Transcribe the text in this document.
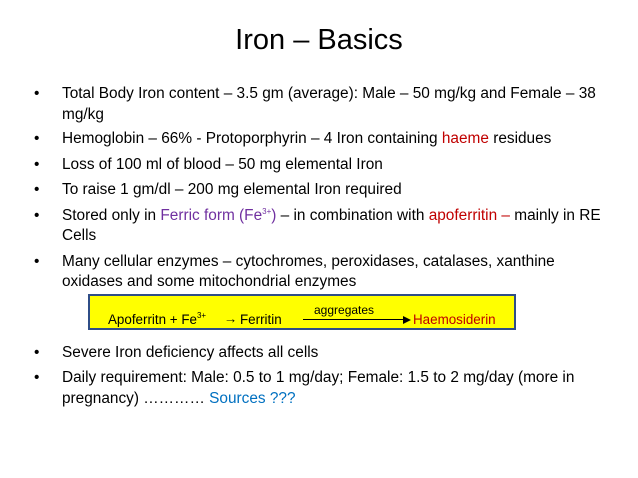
Iron – Basics
• Total Body Iron content – 3.5 gm (average): Male – 50 mg/kg and Female – 38 mg/kg
• Hemoglobin – 66% - Protoporphyrin – 4 Iron containing haeme residues
• Loss of 100 ml of blood – 50 mg elemental Iron
• To raise 1 gm/dl – 200 mg elemental Iron required
• Stored only in Ferric form $(Fe^{3+})$ – in combination with apoferritin – mainly in RE Cells
• Many cellular enzymes – cytochromes, peroxidases, catalases, xanthine oxidases and some mitochondrial enzymes
• Severe Iron deficiency affects all cells
• Daily requirement: Male: 0.5 to 1 mg/day; Female: 1.5 to 2 mg/day (more in pregnancy) ………… Sources ???
Apoferritn + $Fe^{3+}$ → Ferritin
aggregates
Haemosiderin
